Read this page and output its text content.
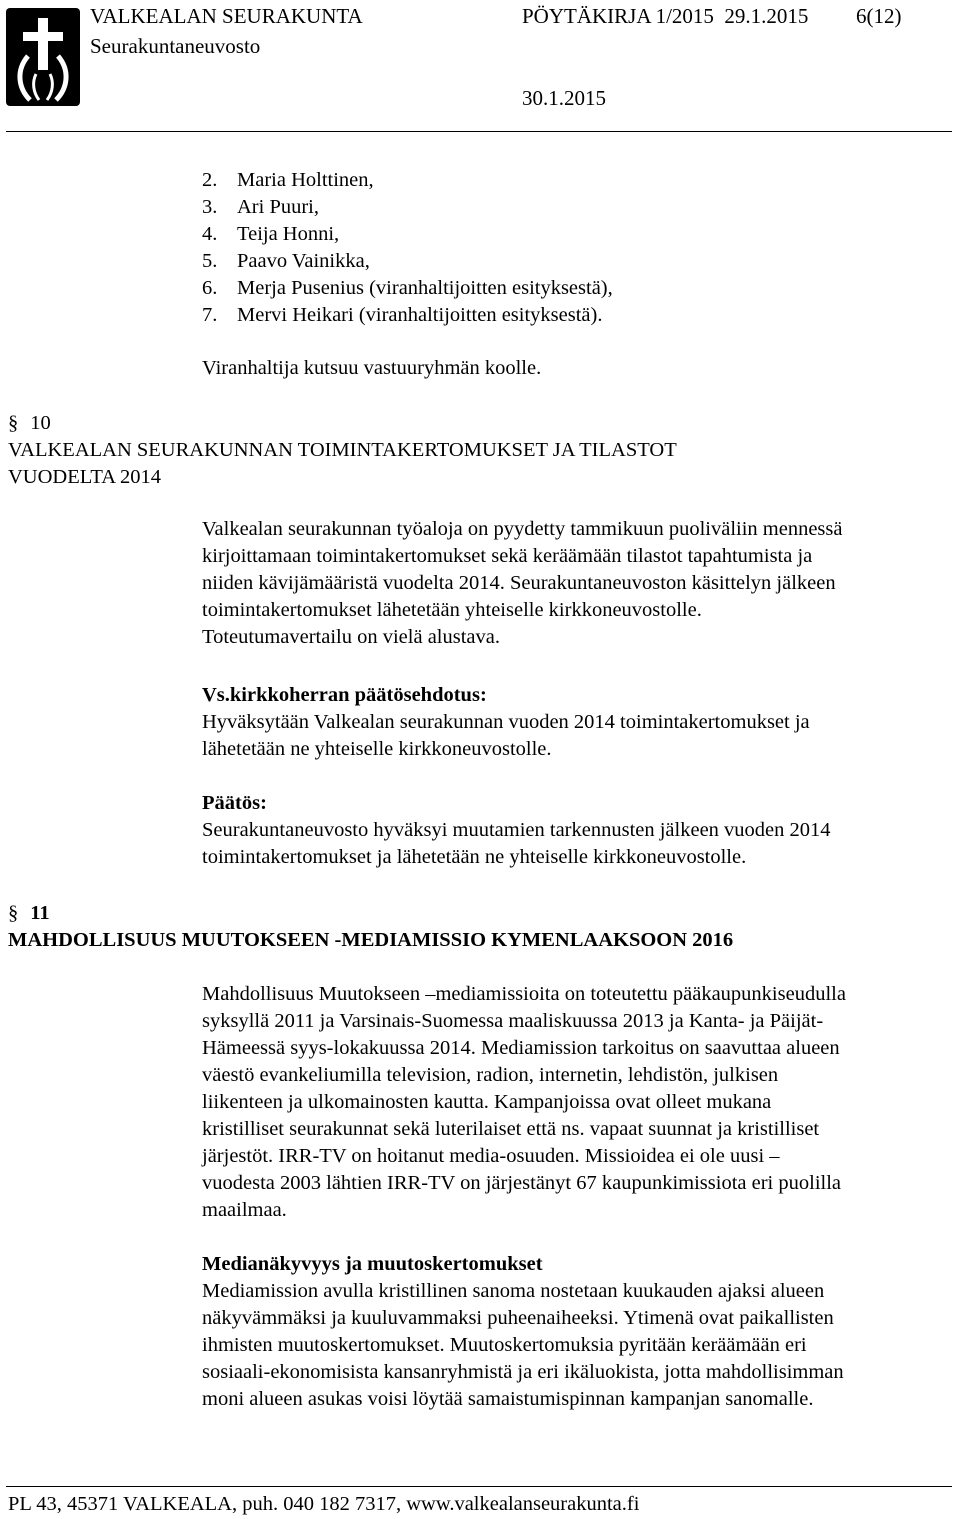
VALKEALAN SEURAKUNTA	PÖYTÄKIRJA 1/2015  29.1.2015 6(12)
Seurakuntaneuvosto
30.1.2015
2. Maria Holttinen,
3. Ari Puuri,
4. Teija Honni,
5. Paavo Vainikka,
6. Merja Pusenius (viranhaltijoitten esityksestä),
7. Mervi Heikari (viranhaltijoitten esityksestä).
Viranhaltija kutsuu vastuuryhmän koolle.
§ 10
VALKEALAN SEURAKUNNAN TOIMINTAKERTOMUKSET JA TILASTOT
VUODELTA 2014
Valkealan seurakunnan työaloja on pyydetty tammikuun puoliväliin mennessä
kirjoittamaan toimintakertomukset sekä keräämään tilastot tapahtumista ja
niiden kävijämääristä vuodelta 2014. Seurakuntaneuvoston käsittelyn jälkeen
toimintakertomukset lähetetään yhteiselle kirkkoneuvostolle.
Toteutumavertailu on vielä alustava.
Vs.kirkkoherran päätösehdotus:
Hyväksytään Valkealan seurakunnan vuoden 2014 toimintakertomukset ja
lähetetään ne yhteiselle kirkkoneuvostolle.
Päätös:
Seurakuntaneuvosto hyväksyi muutamien tarkennusten jälkeen vuoden 2014
toimintakertomukset ja lähetetään ne yhteiselle kirkkoneuvostolle.
§ 11
MAHDOLLISUUS MUUTOKSEEN -MEDIAMISSIO KYMENLAAKSOON 2016
Mahdollisuus Muutokseen –mediamissioita on toteutettu pääkaupunkiseudulla
syksyllä 2011 ja Varsinais-Suomessa maaliskuussa 2013 ja Kanta- ja Päijät-
Hämeessä syys-lokakuussa 2014. Mediamission tarkoitus on saavuttaa alueen
väestö evankeliumilla television, radion, internetin, lehdistön, julkisen
liikenteen ja ulkomainosten kautta. Kampanjoissa ovat olleet mukana
kristilliset seurakunnat sekä luterilaiset että ns. vapaat suunnat ja kristilliset
järjestöt. IRR-TV on hoitanut media-osuuden. Missioidea ei ole uusi –
vuodesta 2003 lähtien IRR-TV on järjestänyt 67 kaupunkimissiota eri puolilla
maailmaa.
Medianäkyvyys ja muutoskertomukset
Mediamission avulla kristillinen sanoma nostetaan kuukauden ajaksi alueen
näkyvämmäksi ja kuuluvammaksi puheenaiheeksi. Ytimenä ovat paikallisten
ihmisten muutoskertomukset. Muutoskertomuksia pyritään keräämään eri
sosiaali-ekonomisista kansanryhmistä ja eri ikäluokista, jotta mahdollisimman
moni alueen asukas voisi löytää samaistumispinnan kampanjan sanomalle.
PL 43, 45371 VALKEALA, puh. 040 182 7317, www.valkealanseurakunta.fi
